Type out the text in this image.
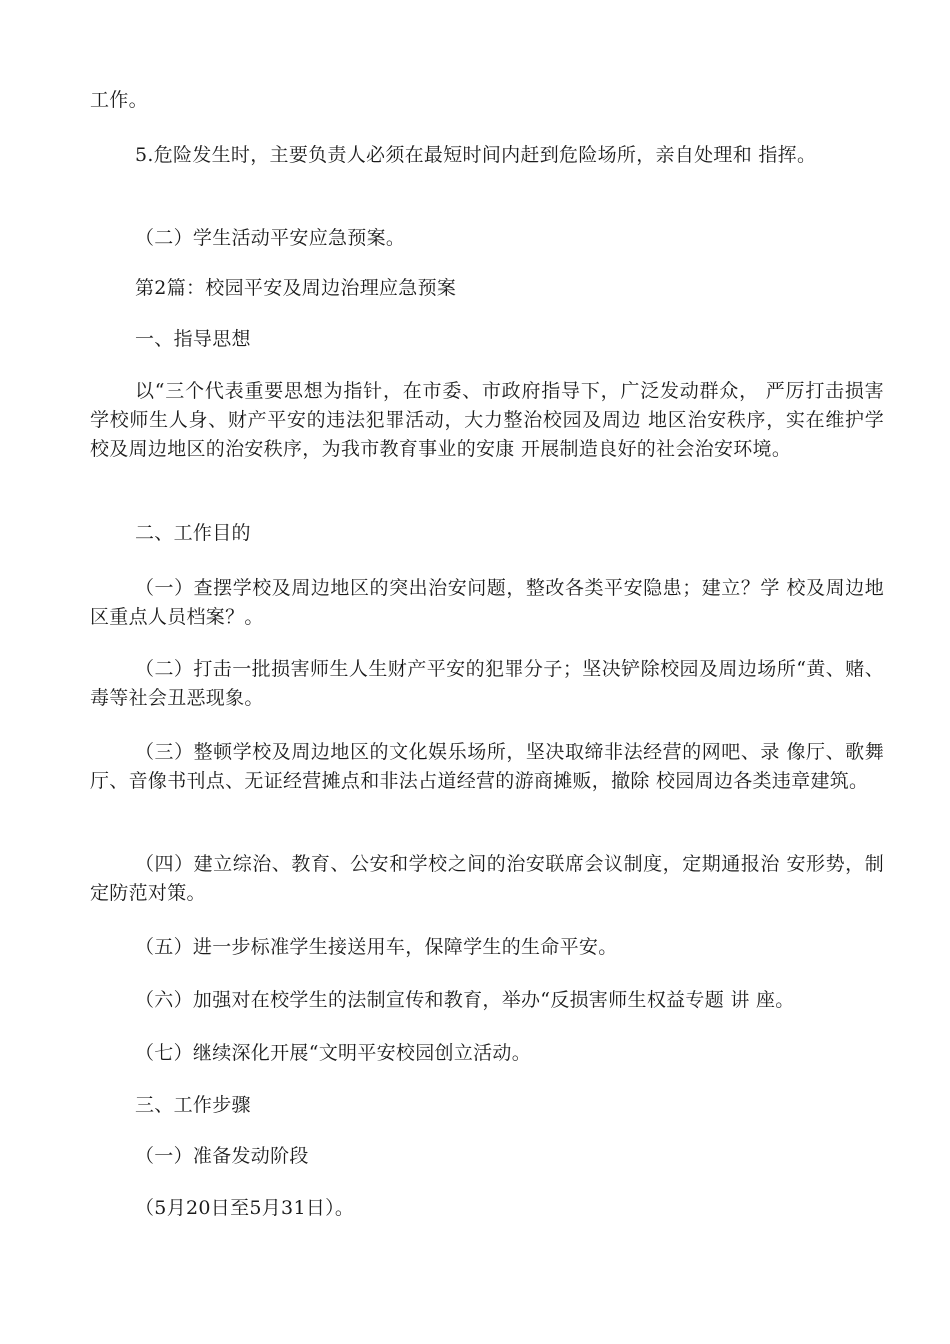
工作。

5.危险发生时，主要负责人必须在最短时间内赶到危险场所，亲自处理和 指挥。

（二）学生活动平安应急预案。

第2篇：校园平安及周边治理应急预案

一、指导思想

以“三个代表重要思想为指针，在市委、市政府指导下，广泛发动群众， 严厉打击损害学校师生人身、财产平安的违法犯罪活动，大力整治校园及周边 地区治安秩序，实在维护学校及周边地区的治安秩序，为我市教育事业的安康 开展制造良好的社会治安环境。

二、工作目的

（一）查摆学校及周边地区的突出治安问题，整改各类平安隐患；建立？学 校及周边地区重点人员档案？。

（二）打击一批损害师生人生财产平安的犯罪分子；坚决铲除校园及周边场所“黄、赌、毒等社会丑恶现象。

（三）整顿学校及周边地区的文化娱乐场所，坚决取缔非法经营的网吧、录 像厅、歌舞厅、音像书刊点、无证经营摊点和非法占道经营的游商摊贩，撤除 校园周边各类违章建筑。

（四）建立综治、教育、公安和学校之间的治安联席会议制度，定期通报治 安形势，制定防范对策。

（五）进一步标准学生接送用车，保障学生的生命平安。

（六）加强对在校学生的法制宣传和教育，举办“反损害师生权益专题 讲 座。

（七）继续深化开展“文明平安校园创立活动。

三、工作步骤

（一）准备发动阶段

（5月20日至5月31日）。
